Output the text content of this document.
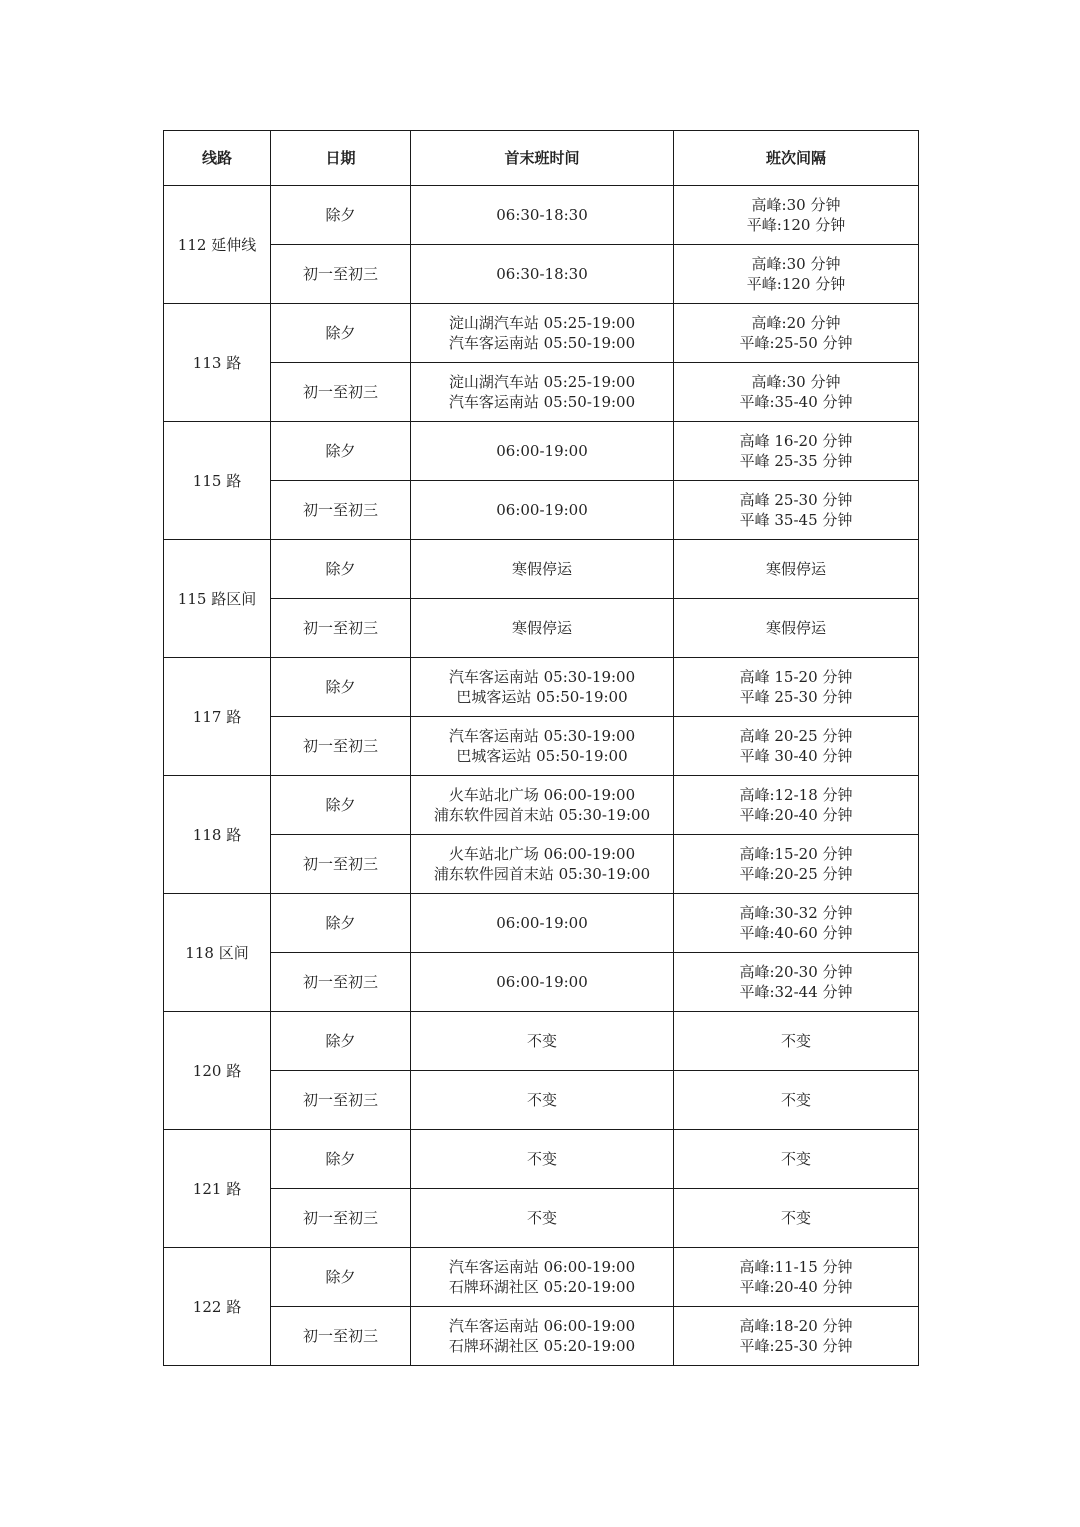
线路	日期	首末班时间	班次间隔
112 延伸线	除夕	06:30-18:30	高峰:30 分钟
平峰:120 分钟

	初一至初三	06:30-18:30	高峰:30 分钟
平峰:120 分钟

113 路	除夕	淀山湖汽车站 05:25-19:00
汽车客运南站 05:50-19:00	高峰:20 分钟
平峰:25-50 分钟

	初一至初三	淀山湖汽车站 05:25-19:00
汽车客运南站 05:50-19:00	高峰:30 分钟
平峰:35-40 分钟

115 路	除夕	06:00-19:00	高峰 16-20 分钟
平峰 25-35 分钟

	初一至初三	06:00-19:00	高峰 25-30 分钟
平峰 35-45 分钟

115 路区间	除夕	寒假停运	寒假停运

	初一至初三	寒假停运	寒假停运

117 路	除夕	汽车客运南站 05:30-19:00
巴城客运站 05:50-19:00	高峰 15-20 分钟
平峰 25-30 分钟

	初一至初三	汽车客运南站 05:30-19:00
巴城客运站 05:50-19:00	高峰 20-25 分钟
平峰 30-40 分钟

118 路	除夕	火车站北广场 06:00-19:00
浦东软件园首末站 05:30-19:00	高峰:12-18 分钟
平峰:20-40 分钟

	初一至初三	火车站北广场 06:00-19:00
浦东软件园首末站 05:30-19:00	高峰:15-20 分钟
平峰:20-25 分钟

118 区间	除夕	06:00-19:00	高峰:30-32 分钟
平峰:40-60 分钟

	初一至初三	06:00-19:00	高峰:20-30 分钟
平峰:32-44 分钟

120 路	除夕	不变	不变

	初一至初三	不变	不变

121 路	除夕	不变	不变

	初一至初三	不变	不变

122 路	除夕	汽车客运南站 06:00-19:00
石牌环湖社区 05:20-19:00	高峰:11-15 分钟
平峰:20-40 分钟

	初一至初三	汽车客运南站 06:00-19:00
石牌环湖社区 05:20-19:00	高峰:18-20 分钟
平峰:25-30 分钟
